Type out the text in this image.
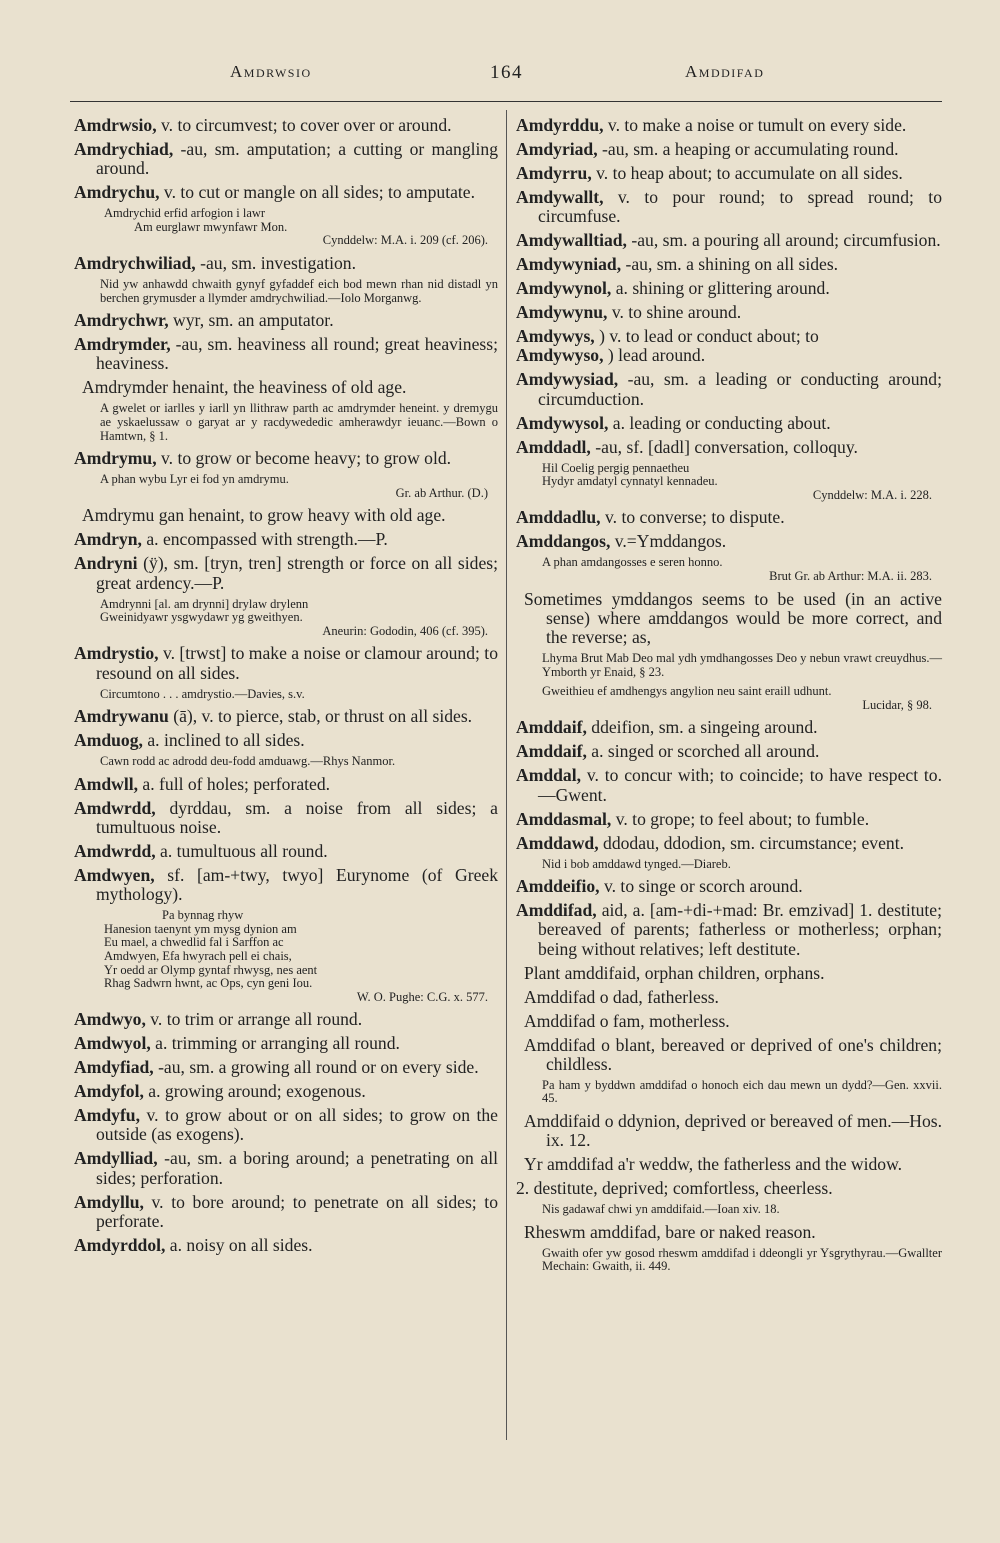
Amdrwsio	164	Amddifad

Amdrwsio, v. to circumvest; to cover over or around.

Amdrychiad, -au, sm. amputation; a cutting or mangling around.

Amdrychu, v. to cut or mangle on all sides; to amputate.

Amdrychid erfid arfogion i lawr
Am eurglawr mwynfawr Mon.
Cynddelw: M.A. i. 209 (cf. 206).

Amdrychwiliad, -au, sm. investigation.

Nid yw anhawdd chwaith gynyf gyfaddef eich bod mewn rhan nid distadl yn berchen grymusder a llymder amdrychwiliad.—Iolo Morganwg.

Amdrychwr, wyr, sm. an amputator.

Amdrymder, -au, sm. heaviness all round; great heaviness; heaviness.

Amdrymder henaint, the heaviness of old age.

A gwelet or iarlles y iarll yn llithraw parth ac amdrymder heneint. y dremygu ae yskaelussaw o garyat ar y racdywededic amherawdyr ieuanc.—Bown o Hamtwn, § 1.

Amdrymu, v. to grow or become heavy; to grow old.

A phan wybu Lyr ei fod yn amdrymu.
Gr. ab Arthur. (D.)

Amdrymu gan henaint, to grow heavy with old age.

Amdryn, a. encompassed with strength.—P.

Andryni (ÿ), sm. [tryn, tren] strength or force on all sides; great ardency.—P.

Amdrynni [al. am drynni] drylaw drylenn
Gweinidyawr ysgwydawr yg gweithyen.
Aneurin: Gododin, 406 (cf. 395).

Amdrystio, v. [trwst] to make a noise or clamour around; to resound on all sides.

Circumtono . . . amdrystio.—Davies, s.v.

Amdrywanu (ā), v. to pierce, stab, or thrust on all sides.

Amduog, a. inclined to all sides.

Cawn rodd ac adrodd deu-fodd amduawg.—Rhys Nanmor.

Amdwll, a. full of holes; perforated.

Amdwrdd, dyrddau, sm. a noise from all sides; a tumultuous noise.

Amdwrdd, a. tumultuous all round.

Amdwyen, sf. [am-+twy, twyo] Eurynome (of Greek mythology).

Pa bynnag rhyw
Hanesion taenynt ym mysg dynion am
Eu mael, a chwedlid fal i Sarffon ac
Amdwyen, Efa hwyrach pell ei chais,
Yr oedd ar Olymp gyntaf rhwysg, nes aent
Rhag Sadwrn hwnt, ac Ops, cyn geni Iou.
W. O. Pughe: C.G. x. 577.

Amdwyo, v. to trim or arrange all round.

Amdwyol, a. trimming or arranging all round.

Amdyfiad, -au, sm. a growing all round or on every side.

Amdyfol, a. growing around; exogenous.

Amdyfu, v. to grow about or on all sides; to grow on the outside (as exogens).

Amdylliad, -au, sm. a boring around; a penetrating on all sides; perforation.

Amdyllu, v. to bore around; to penetrate on all sides; to perforate.

Amdyrddol, a. noisy on all sides.

Amdyrddu, v. to make a noise or tumult on every side.

Amdyriad, -au, sm. a heaping or accumulating round.

Amdyrru, v. to heap about; to accumulate on all sides.

Amdywallt, v. to pour round; to spread round; to circumfuse.

Amdywalltiad, -au, sm. a pouring all around; circumfusion.

Amdywyniad, -au, sm. a shining on all sides.

Amdywynol, a. shining or glittering around.

Amdywynu, v. to shine around.

Amdywys, ) v. to lead or conduct about; to

Amdywyso, ) lead around.

Amdywysiad, -au, sm. a leading or conducting around; circumduction.

Amdywysol, a. leading or conducting about.

Amddadl, -au, sf. [dadl] conversation, colloquy.

Hil Coelig pergig pennaetheu
Hydyr amdatyl cynnatyl kennadeu.
Cynddelw: M.A. i. 228.

Amddadlu, v. to converse; to dispute.

Amddangos, v.=Ymddangos.

A phan amdangosses e seren honno.
Brut Gr. ab Arthur: M.A. ii. 283.

Sometimes ymddangos seems to be used (in an active sense) where amddangos would be more correct, and the reverse; as,

Lhyma Brut Mab Deo mal ydh ymdhangosses Deo y nebun vrawt creuydhus.—Ymborth yr Enaid, § 23.
Gweithieu ef amdhengys angylion neu saint eraill udhunt.
Lucidar, § 98.

Amddaif, ddeifion, sm. a singeing around.

Amddaif, a. singed or scorched all around.

Amddal, v. to concur with; to coincide; to have respect to.—Gwent.

Amddasmal, v. to grope; to feel about; to fumble.

Amddawd, ddodau, ddodion, sm. circumstance; event.

Nid i bob amddawd tynged.—Diareb.

Amddeifio, v. to singe or scorch around.

Amddifad, aid, a. [am-+di-+mad: Br. emzivad] 1. destitute; bereaved of parents; fatherless or motherless; orphan; being without relatives; left destitute.

Plant amddifaid, orphan children, orphans.

Amddifad o dad, fatherless.

Amddifad o fam, motherless.

Amddifad o blant, bereaved or deprived of one's children; childless.

Pa ham y byddwn amddifad o honoch eich dau mewn un dydd?—Gen. xxvii. 45.

Amddifaid o ddynion, deprived or bereaved of men.—Hos. ix. 12.

Yr amddifad a'r weddw, the fatherless and the widow.

2. destitute, deprived; comfortless, cheerless.

Nis gadawaf chwi yn amddifaid.—Ioan xiv. 18.

Rheswm amddifad, bare or naked reason.

Gwaith ofer yw gosod rheswm amddifad i ddeongli yr Ysgrythyrau.—Gwallter Mechain: Gwaith, ii. 449.
